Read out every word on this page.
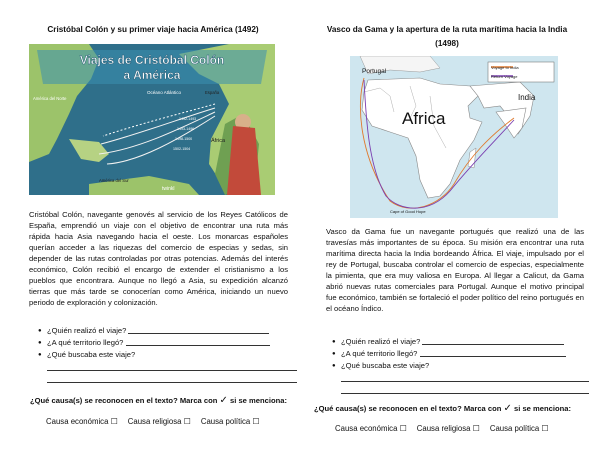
Cristóbal Colón y su primer viaje hacia América (1492)
Viajes de Cristóbal Colón
a América
Océano Atlántico
América del Norte
España
África
1492-1493
1493-1496
1498-1500
1502-1504
América del Sur
twinkl
Cristóbal Colón, navegante genovés al servicio de los Reyes Católicos de España, emprendió un viaje con el objetivo de encontrar una ruta más rápida hacia Asia navegando hacia el oeste. Los monarcas españoles querían acceder a las riquezas del comercio de especias y sedas, sin depender de las rutas controladas por otras potencias. Además del interés económico, Colón recibió el encargo de extender el cristianismo a los pueblos que encontrara. Aunque no llegó a Asia, su expedición alcanzó tierras que más tarde se conocerían como América, iniciando un nuevo periodo de exploración y colonización.
● ¿Quién realizó el viaje?
● ¿A qué territorio llegó?
● ¿Qué buscaba este viaje?
¿Qué causa(s) se reconocen en el texto? Marca con ✓ si se menciona:
Causa económica ☐ Causa religiosa ☐ Causa política ☐
Vasco da Gama y la apertura de la ruta marítima hacia la India
(1498)
Voyage to India
Return Voyage
Portugal
Africa
India
Cape of Good Hope
Vasco da Gama fue un navegante portugués que realizó una de las travesías más importantes de su época. Su misión era encontrar una ruta marítima directa hacia la India bordeando África. El viaje, impulsado por el rey de Portugal, buscaba controlar el comercio de especias, especialmente la pimienta, que era muy valiosa en Europa. Al llegar a Calicut, da Gama abrió nuevas rutas comerciales para Portugal. Aunque el motivo principal fue económico, también se fortaleció el poder político del reino portugués en el océano Índico.
● ¿Quién realizó el viaje?
● ¿A qué territorio llegó?
● ¿Qué buscaba este viaje?
¿Qué causa(s) se reconocen en el texto? Marca con ✓ si se menciona:
Causa económica ☐ Causa religiosa ☐ Causa política ☐
